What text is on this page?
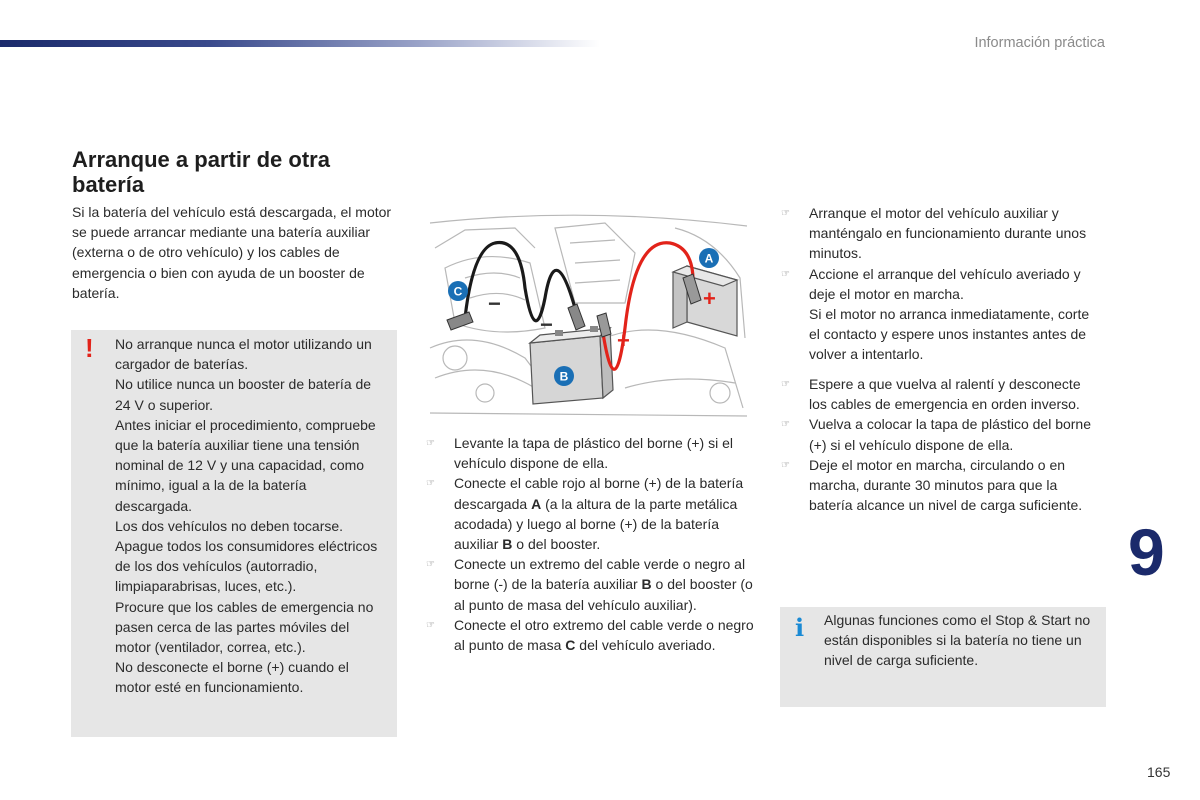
Información práctica
Arranque a partir de otra batería

Si la batería del vehículo está descargada, el motor se puede arrancar mediante una batería auxiliar (externa o de otro vehículo) y los cables de emergencia o bien con ayuda de un booster de batería.

! No arranque nunca el motor utilizando un cargador de baterías.

No utilice nunca un booster de batería de 24 V o superior.

Antes iniciar el procedimiento, compruebe que la batería auxiliar tiene una tensión nominal de 12 V y una capacidad, como mínimo, igual a la de la batería descargada.

Los dos vehículos no deben tocarse.

Apague todos los consumidores eléctricos de los dos vehículos (autorradio, limpiaparabrisas, luces, etc.).

Procure que los cables de emergencia no pasen cerca de las partes móviles del motor (ventilador, correa, etc.).

No desconecte el borne (+) cuando el motor esté en funcionamiento.

−
−
+
+
C
A
B
☞ Levante la tapa de plástico del borne (+) si el vehículo dispone de ella.
☞ Conecte el cable rojo al borne (+) de la batería descargada A (a la altura de la parte metálica acodada) y luego al borne (+) de la batería auxiliar B o del booster.
☞ Conecte un extremo del cable verde o negro al borne (-) de la batería auxiliar B o del booster (o al punto de masa del vehículo auxiliar).
☞ Conecte el otro extremo del cable verde o negro al punto de masa C del vehículo averiado.
☞ Arranque el motor del vehículo auxiliar y manténgalo en funcionamiento durante unos minutos.
☞ Accione el arranque del vehículo averiado y deje el motor en marcha.
Si el motor no arranca inmediatamente, corte el contacto y espere unos instantes antes de volver a intentarlo.
☞ Espere a que vuelva al ralentí y desconecte los cables de emergencia en orden inverso.
☞ Vuelva a colocar la tapa de plástico del borne (+) si el vehículo dispone de ella.
☞ Deje el motor en marcha, circulando o en marcha, durante 30 minutos para que la batería alcance un nivel de carga suficiente.
i Algunas funciones como el Stop & Start no están disponibles si la batería no tiene un nivel de carga suficiente.
9
165
